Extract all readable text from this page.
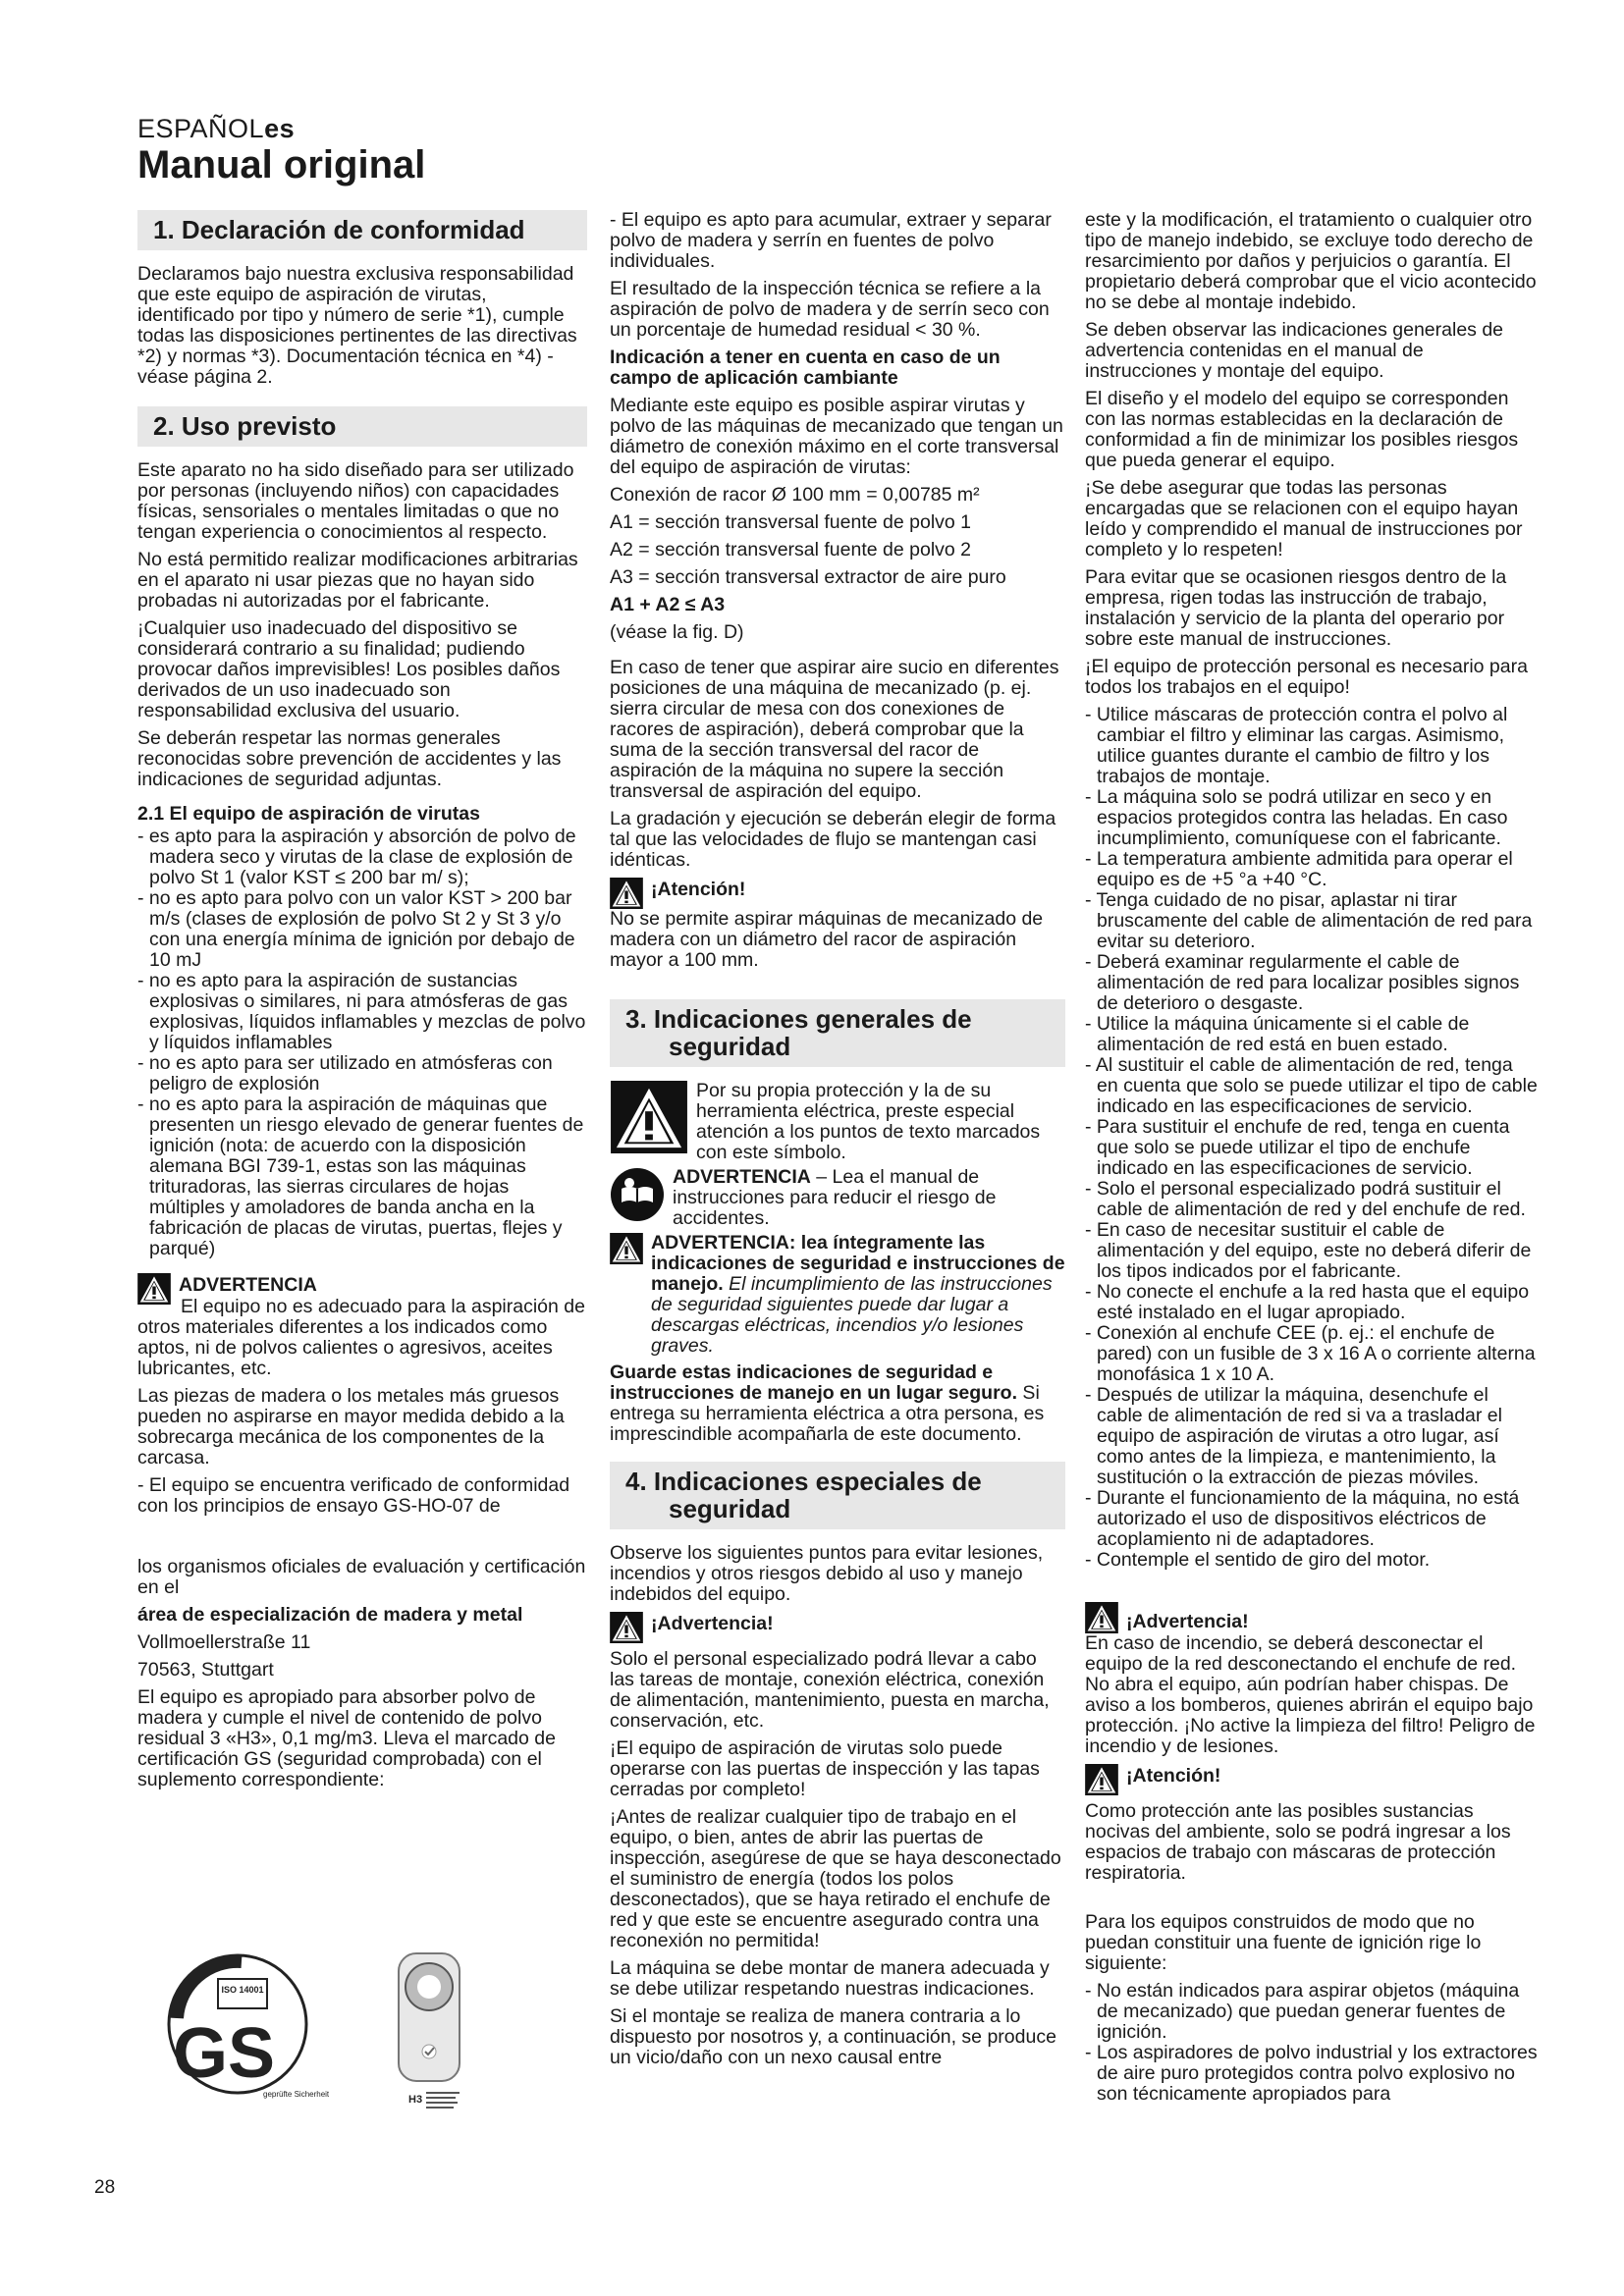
ESPAÑOLes
Manual original
1. Declaración de conformidad

Declaramos bajo nuestra exclusiva responsabilidad que este equipo de aspiración de virutas, identificado por tipo y número de serie *1), cumple todas las disposiciones pertinentes de las directivas *2) y normas *3). Documentación técnica en *4) - véase página 2.

2. Uso previsto

Este aparato no ha sido diseñado para ser utilizado por personas (incluyendo niños) con capacidades físicas, sensoriales o mentales limitadas o que no tengan experiencia o conocimientos al respecto.

No está permitido realizar modificaciones arbitrarias en el aparato ni usar piezas que no hayan sido probadas ni autorizadas por el fabricante.

¡Cualquier uso inadecuado del dispositivo se considerará contrario a su finalidad; pudiendo provocar daños imprevisibles! Los posibles daños derivados de un uso inadecuado son responsabilidad exclusiva del usuario.

Se deberán respetar las normas generales reconocidas sobre prevención de accidentes y las indicaciones de seguridad adjuntas.

2.1 El equipo de aspiración de virutas
- es apto para la aspiración y absorción de polvo de madera seco y virutas de la clase de explosión de polvo St 1 (valor KST ≤ 200 bar m/ s);
- no es apto para polvo con un valor KST > 200 bar m/s (clases de explosión de polvo St 2 y St 3 y/o con una energía mínima de ignición por debajo de 10 mJ
- no es apto para la aspiración de sustancias explosivas o similares, ni para atmósferas de gas explosivas, líquidos inflamables y mezclas de polvo y líquidos inflamables
- no es apto para ser utilizado en atmósferas con peligro de explosión
- no es apto para la aspiración de máquinas que presenten un riesgo elevado de generar fuentes de ignición (nota: de acuerdo con la disposición alemana BGI 739-1, estas son las máquinas trituradoras, las sierras circulares de hojas múltiples y amoladores de banda ancha en la fabricación de placas de virutas, puertas, flejes y parqué)
ADVERTENCIA

El equipo no es adecuado para la aspiración de otros materiales diferentes a los indicados como aptos, ni de polvos calientes o agresivos, aceites lubricantes, etc.

Las piezas de madera o los metales más gruesos pueden no aspirarse en mayor medida debido a la sobrecarga mecánica de los componentes de la carcasa.

- El equipo se encuentra verificado de conformidad con los principios de ensayo GS-HO-07 de

los organismos oficiales de evaluación y certificación en el

área de especialización de madera y metal

Vollmoellerstraße 11

70563, Stuttgart

El equipo es apropiado para absorber polvo de madera y cumple el nivel de contenido de polvo residual 3 «H3», 0,1 mg/m3. Lleva el marcado de certificación GS (seguridad comprobada) con el suplemento correspondiente:

ISO 14001
GS
geprüfte Sicherheit	H3

- El equipo es apto para acumular, extraer y separar polvo de madera y serrín en fuentes de polvo individuales.

El resultado de la inspección técnica se refiere a la aspiración de polvo de madera y de serrín seco con un porcentaje de humedad residual < 30 %.

Indicación a tener en cuenta en caso de un campo de aplicación cambiante

Mediante este equipo es posible aspirar virutas y polvo de las máquinas de mecanizado que tengan un diámetro de conexión máximo en el corte transversal del equipo de aspiración de virutas:

Conexión de racor Ø 100 mm = 0,00785 m²

A1 = sección transversal fuente de polvo 1

A2 = sección transversal fuente de polvo 2

A3 = sección transversal extractor de aire puro

A1 + A2 ≤ A3

(véase la fig. D)

En caso de tener que aspirar aire sucio en diferentes posiciones de una máquina de mecanizado (p. ej. sierra circular de mesa con dos conexiones de racores de aspiración), deberá comprobar que la suma de la sección transversal del racor de aspiración de la máquina no supere la sección transversal de aspiración del equipo.

La gradación y ejecución se deberán elegir de forma tal que las velocidades de flujo se mantengan casi idénticas.

¡Atención!

No se permite aspirar máquinas de mecanizado de madera con un diámetro del racor de aspiración mayor a 100 mm.

3. Indicaciones generales de
seguridad
Por su propia protección y la de su herramienta eléctrica, preste especial atención a los puntos de texto marcados con este símbolo.
ADVERTENCIA – Lea el manual de instrucciones para reducir el riesgo de accidentes.
ADVERTENCIA: lea íntegramente las indicaciones de seguridad e instrucciones de manejo. El incumplimiento de las instrucciones de seguridad siguientes puede dar lugar a descargas eléctricas, incendios y/o lesiones graves.

Guarde estas indicaciones de seguridad e instrucciones de manejo en un lugar seguro. Si entrega su herramienta eléctrica a otra persona, es imprescindible acompañarla de este documento.

4. Indicaciones especiales de
seguridad

Observe los siguientes puntos para evitar lesiones, incendios y otros riesgos debido al uso y manejo indebidos del equipo.

¡Advertencia!

Solo el personal especializado podrá llevar a cabo las tareas de montaje, conexión eléctrica, conexión de alimentación, mantenimiento, puesta en marcha, conservación, etc.

¡El equipo de aspiración de virutas solo puede operarse con las puertas de inspección y las tapas cerradas por completo!

¡Antes de realizar cualquier tipo de trabajo en el equipo, o bien, antes de abrir las puertas de inspección, asegúrese de que se haya desconectado el suministro de energía (todos los polos desconectados), que se haya retirado el enchufe de red y que este se encuentre asegurado contra una reconexión no permitida!

La máquina se debe montar de manera adecuada y se debe utilizar respetando nuestras indicaciones.

Si el montaje se realiza de manera contraria a lo dispuesto por nosotros y, a continuación, se produce un vicio/daño con un nexo causal entre

este y la modificación, el tratamiento o cualquier otro tipo de manejo indebido, se excluye todo derecho de resarcimiento por daños y perjuicios o garantía. El propietario deberá comprobar que el vicio acontecido no se debe al montaje indebido.

Se deben observar las indicaciones generales de advertencia contenidas en el manual de instrucciones y montaje del equipo.

El diseño y el modelo del equipo se corresponden con las normas establecidas en la declaración de conformidad a fin de minimizar los posibles riesgos que pueda generar el equipo.

¡Se debe asegurar que todas las personas encargadas que se relacionen con el equipo hayan leído y comprendido el manual de instrucciones por completo y lo respeten!

Para evitar que se ocasionen riesgos dentro de la empresa, rigen todas las instrucción de trabajo, instalación y servicio de la planta del operario por sobre este manual de instrucciones.

¡El equipo de protección personal es necesario para todos los trabajos en el equipo!

- Utilice máscaras de protección contra el polvo al cambiar el filtro y eliminar las cargas. Asimismo, utilice guantes durante el cambio de filtro y los trabajos de montaje.
- La máquina solo se podrá utilizar en seco y en espacios protegidos contra las heladas. En caso incumplimiento, comuníquese con el fabricante.
- La temperatura ambiente admitida para operar el equipo es de +5 °a +40 °C.
- Tenga cuidado de no pisar, aplastar ni tirar bruscamente del cable de alimentación de red para evitar su deterioro.
- Deberá examinar regularmente el cable de alimentación de red para localizar posibles signos de deterioro o desgaste.
- Utilice la máquina únicamente si el cable de alimentación de red está en buen estado.
- Al sustituir el cable de alimentación de red, tenga en cuenta que solo se puede utilizar el tipo de cable indicado en las especificaciones de servicio.
- Para sustituir el enchufe de red, tenga en cuenta que solo se puede utilizar el tipo de enchufe indicado en las especificaciones de servicio.
- Solo el personal especializado podrá sustituir el cable de alimentación de red y del enchufe de red.
- En caso de necesitar sustituir el cable de alimentación y del equipo, este no deberá diferir de los tipos indicados por el fabricante.
- No conecte el enchufe a la red hasta que el equipo esté instalado en el lugar apropiado.
- Conexión al enchufe CEE (p. ej.: el enchufe de pared) con un fusible de 3 x 16 A o corriente alterna monofásica 1 x 10 A.
- Después de utilizar la máquina, desenchufe el cable de alimentación de red si va a trasladar el equipo de aspiración de virutas a otro lugar, así como antes de la limpieza, e mantenimiento, la sustitución o la extracción de piezas móviles.
- Durante el funcionamiento de la máquina, no está autorizado el uso de dispositivos eléctricos de acoplamiento ni de adaptadores.
- Contemple el sentido de giro del motor.
¡Advertencia!

En caso de incendio, se deberá desconectar el equipo de la red desconectando el enchufe de red. No abra el equipo, aún podrían haber chispas. De aviso a los bomberos, quienes abrirán el equipo bajo protección. ¡No active la limpieza del filtro! Peligro de incendio y de lesiones.

¡Atención!

Como protección ante las posibles sustancias nocivas del ambiente, solo se podrá ingresar a los espacios de trabajo con máscaras de protección respiratoria.

Para los equipos construidos de modo que no puedan constituir una fuente de ignición rige lo siguiente:

- No están indicados para aspirar objetos (máquina de mecanizado) que puedan generar fuentes de ignición.
- Los aspiradores de polvo industrial y los extractores de aire puro protegidos contra polvo explosivo no son técnicamente apropiados para
28
